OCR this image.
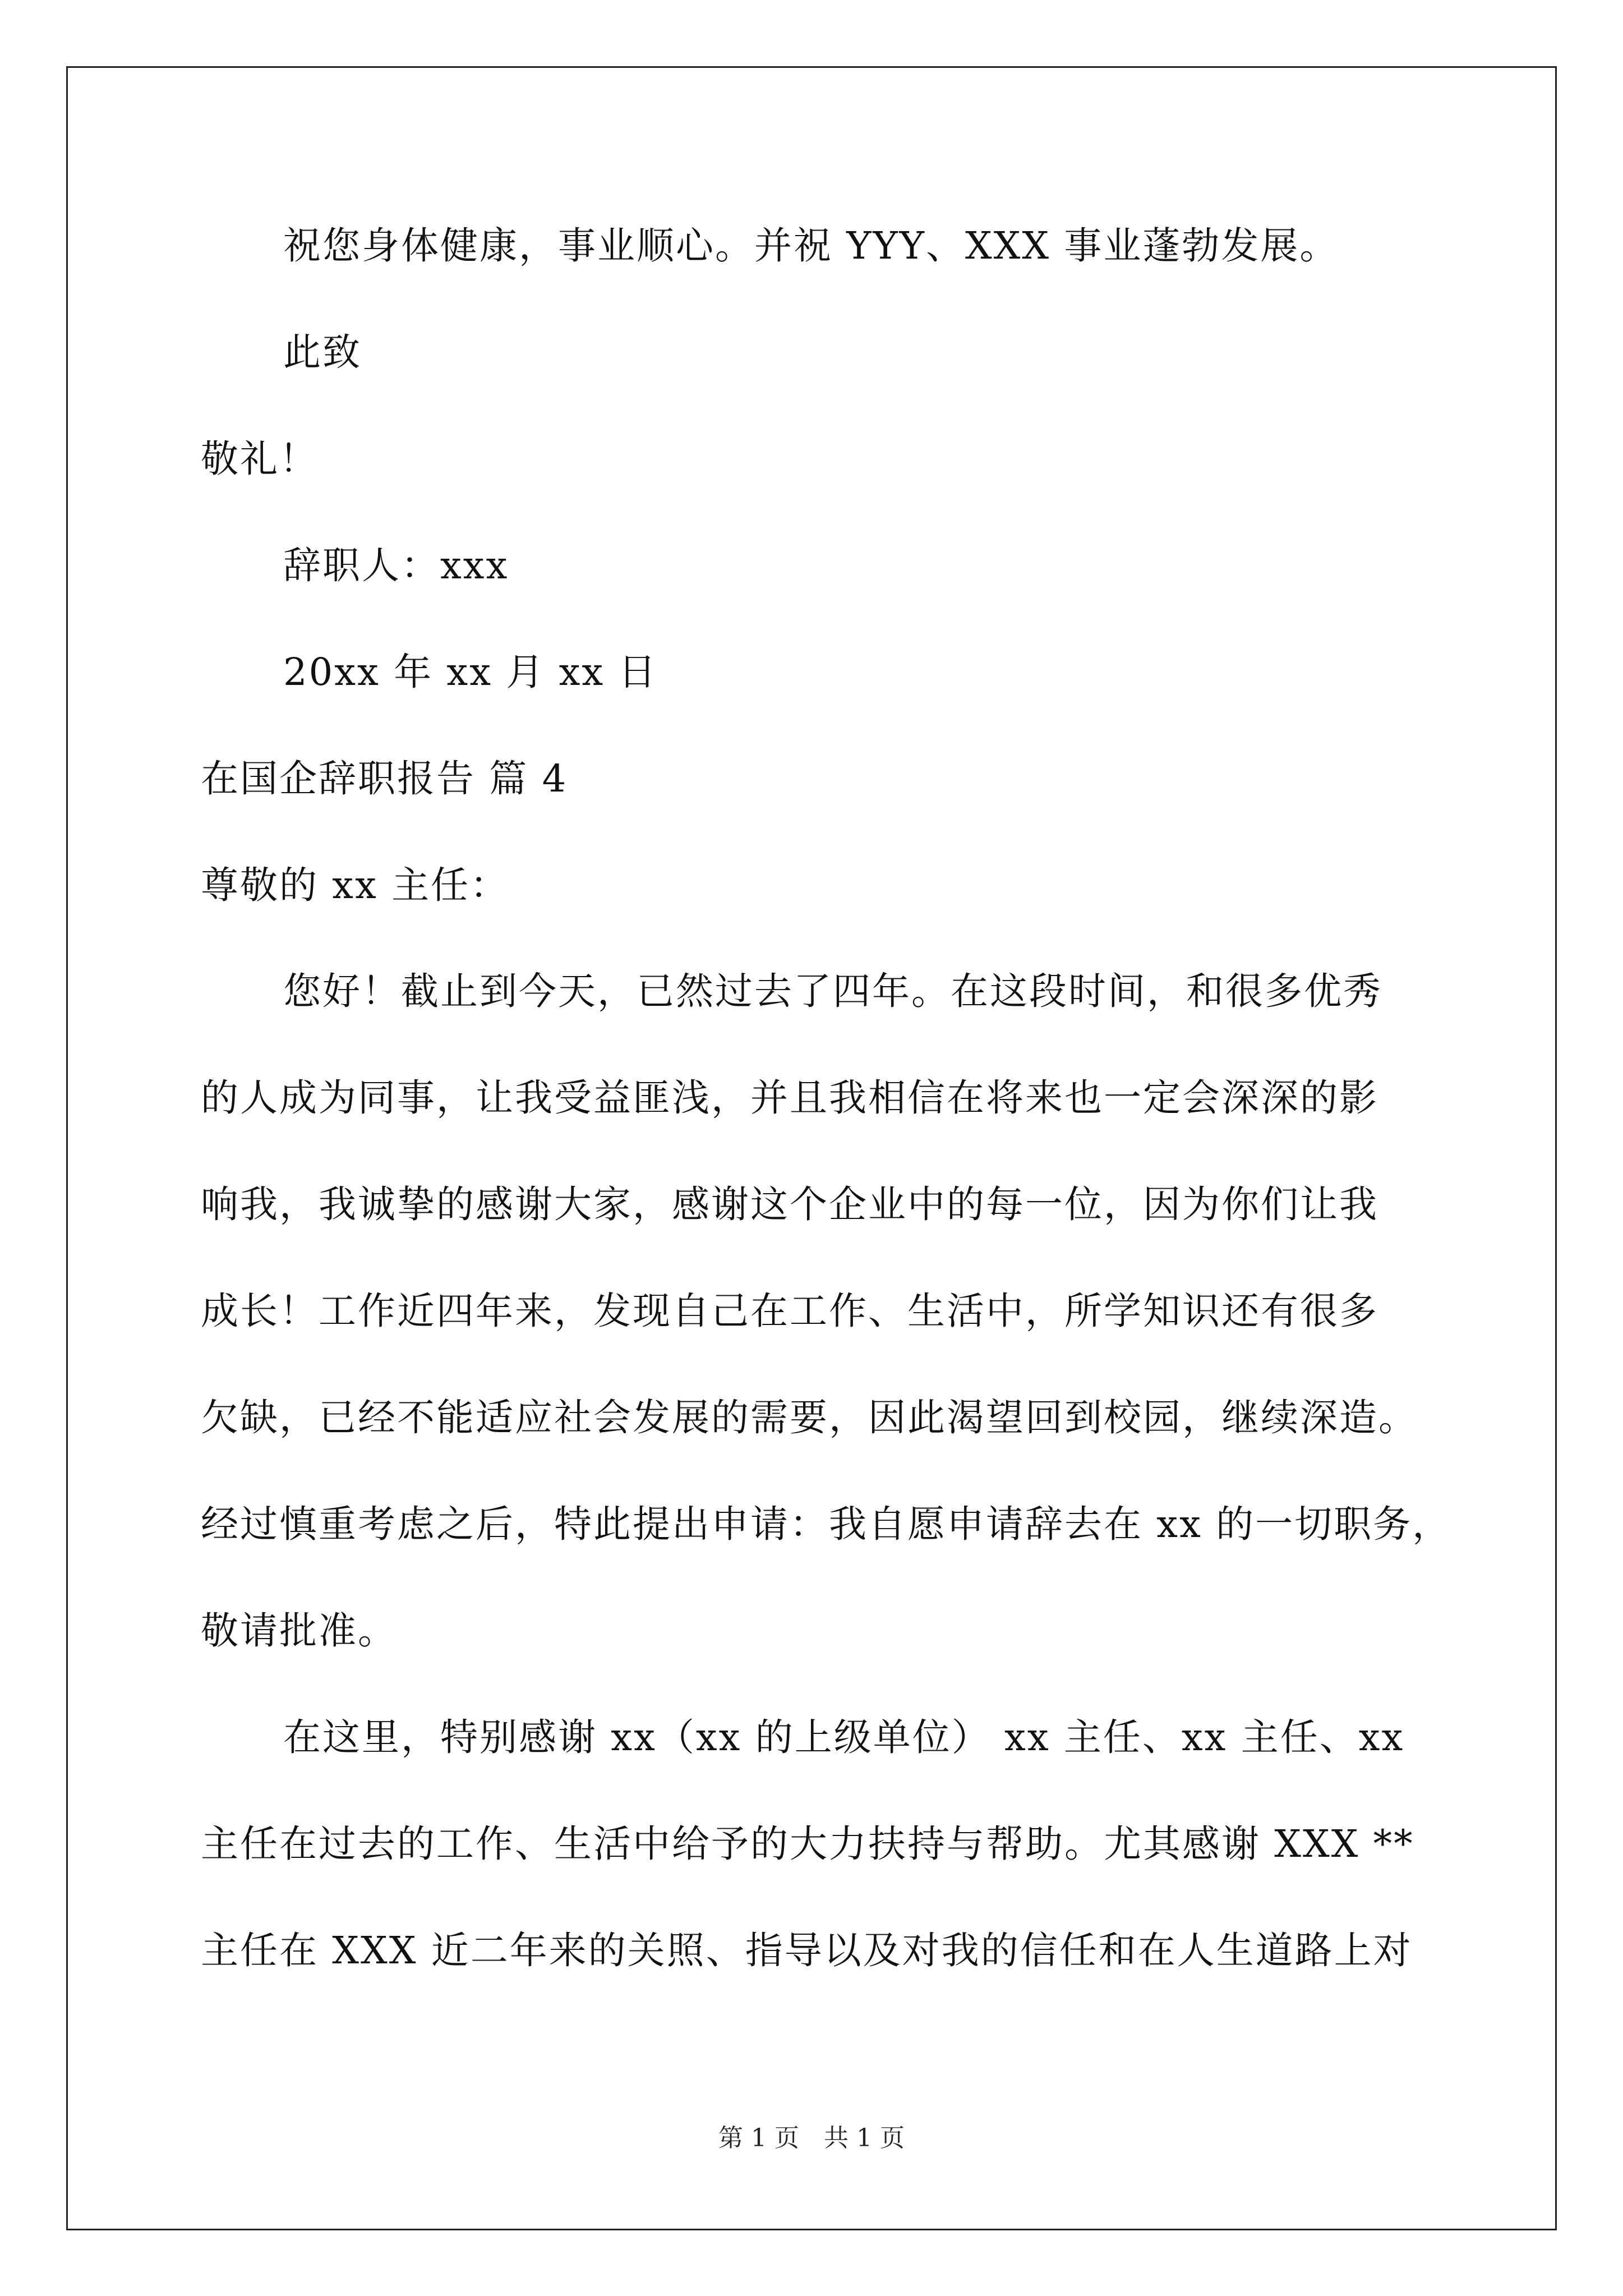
祝您身体健康，事业顺心。并祝 YYY、XXX 事业蓬勃发展。
此致
敬礼！
辞职人：xxx
20xx 年 xx 月 xx 日
在国企辞职报告 篇 4
尊敬的 xx 主任：
您好！截止到今天，已然过去了四年。在这段时间，和很多优秀
的人成为同事，让我受益匪浅，并且我相信在将来也一定会深深的影
响我，我诚挚的感谢大家，感谢这个企业中的每一位，因为你们让我
成长！工作近四年来，发现自己在工作、生活中，所学知识还有很多
欠缺，已经不能适应社会发展的需要，因此渴望回到校园，继续深造。
经过慎重考虑之后，特此提出申请：我自愿申请辞去在 xx 的一切职务，
敬请批准。
在这里，特别感谢 xx（xx 的上级单位） xx 主任、xx 主任、xx
主任在过去的工作、生活中给予的大力扶持与帮助。尤其感谢 XXX **
主任在 XXX 近二年来的关照、指导以及对我的信任和在人生道路上对
第 1 页　共 1 页
